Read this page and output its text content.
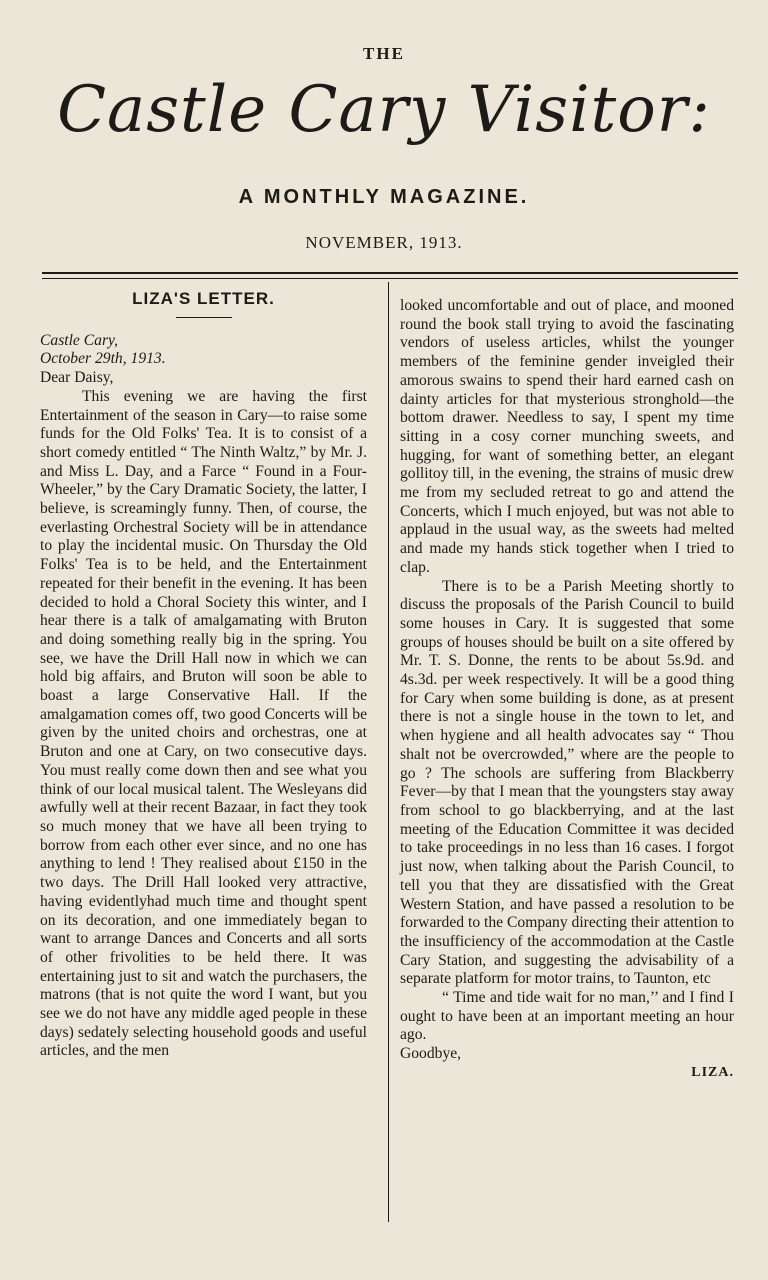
THE
Castle Cary Visitor:
A MONTHLY MAGAZINE.
NOVEMBER, 1913.
LIZA'S LETTER.

Castle Cary,

October 29th, 1913.

Dear Daisy,

This evening we are having the first Entertainment of the season in Cary—to raise some funds for the Old Folks' Tea. It is to consist of a short comedy entitled “ The Ninth Waltz,” by Mr. J. and Miss L. Day, and a Farce “ Found in a Four-Wheeler,” by the Cary Dramatic Society, the latter, I believe, is screamingly funny. Then, of course, the everlasting Orchestral Society will be in attendance to play the incidental music. On Thursday the Old Folks' Tea is to be held, and the Entertainment repeated for their benefit in the evening. It has been decided to hold a Choral Society this winter, and I hear there is a talk of amalgamating with Bruton and doing something really big in the spring. You see, we have the Drill Hall now in which we can hold big affairs, and Bruton will soon be able to boast a large Conservative Hall. If the amalgamation comes off, two good Concerts will be given by the united choirs and orchestras, one at Bruton and one at Cary, on two consecutive days. You must really come down then and see what you think of our local musical talent. The Wesleyans did awfully well at their recent Bazaar, in fact they took so much money that we have all been trying to borrow from each other ever since, and no one has anything to lend ! They realised about £150 in the two days. The Drill Hall looked very attractive, having evidentlyhad much time and thought spent on its decoration, and one immediately began to want to arrange Dances and Concerts and all sorts of other frivolities to be held there. It was entertaining just to sit and watch the purchasers, the matrons (that is not quite the word I want, but you see we do not have any middle aged people in these days) sedately selecting household goods and useful articles, and the men

looked uncomfortable and out of place, and mooned round the book stall trying to avoid the fascinating vendors of useless articles, whilst the younger members of the feminine gender inveigled their amorous swains to spend their hard earned cash on dainty articles for that mysterious stronghold—the bottom drawer. Needless to say, I spent my time sitting in a cosy corner munching sweets, and hugging, for want of something better, an elegant gollitoy till, in the evening, the strains of music drew me from my secluded retreat to go and attend the Concerts, which I much enjoyed, but was not able to applaud in the usual way, as the sweets had melted and made my hands stick together when I tried to clap.

There is to be a Parish Meeting shortly to discuss the proposals of the Parish Council to build some houses in Cary. It is suggested that some groups of houses should be built on a site offered by Mr. T. S. Donne, the rents to be about 5s.9d. and 4s.3d. per week respectively. It will be a good thing for Cary when some building is done, as at present there is not a single house in the town to let, and when hygiene and all health advocates say “ Thou shalt not be overcrowded,” where are the people to go ? The schools are suffering from Blackberry Fever—by that I mean that the youngsters stay away from school to go blackberrying, and at the last meeting of the Education Committee it was decided to take proceedings in no less than 16 cases. I forgot just now, when talking about the Parish Council, to tell you that they are dissatisfied with the Great Western Station, and have passed a resolution to be forwarded to the Company directing their attention to the insufficiency of the accommodation at the Castle Cary Station, and suggesting the advisability of a separate platform for motor trains, to Taunton, etc

“ Time and tide wait for no man,’’ and I find I ought to have been at an important meeting an hour ago.

Goodbye,

LIZA.
